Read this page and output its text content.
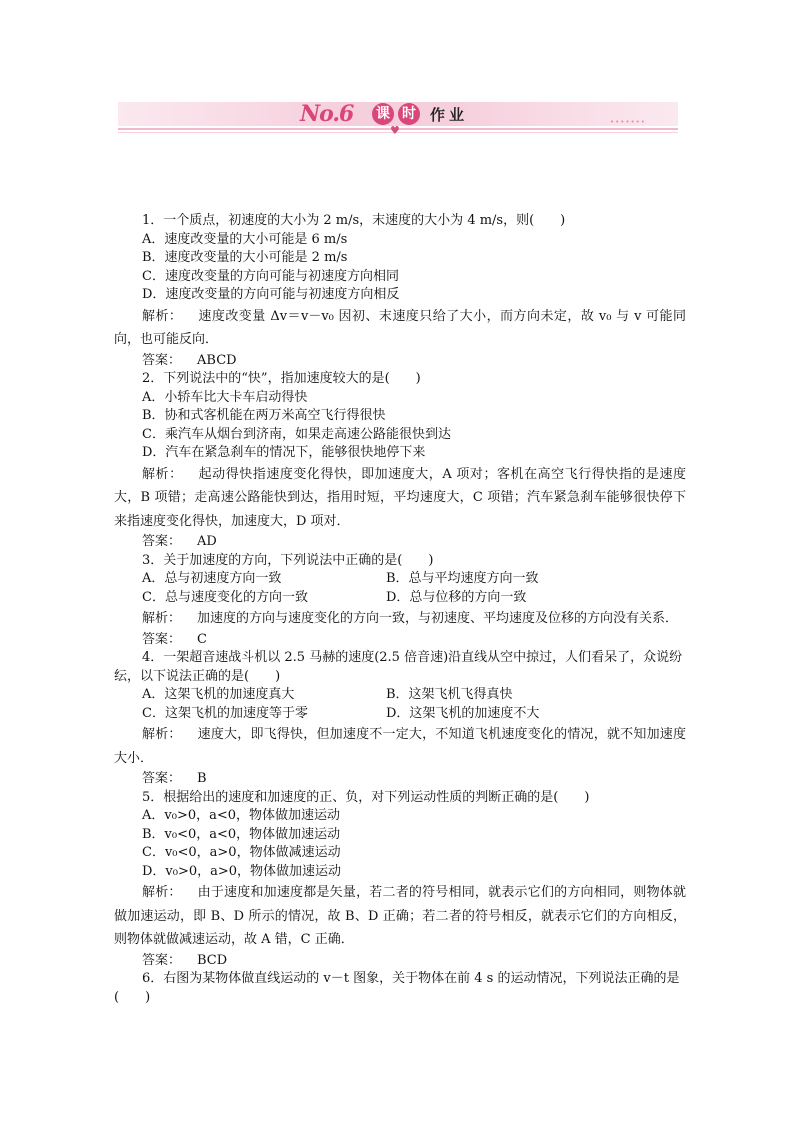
No.6 课 时 作业
♥
•••••••

1．一个质点，初速度的大小为 2 m/s，末速度的大小为 4 m/s，则(　　)

A．速度改变量的大小可能是 6 m/s

B．速度改变量的大小可能是 2 m/s

C．速度改变量的方向可能与初速度方向相同

D．速度改变量的方向可能与初速度方向相反

解析： 速度改变量 Δv＝v－v₀ 因初、末速度只给了大小，而方向未定，故 v₀ 与 v 可能同向，也可能反向．

答案： ABCD

2．下列说法中的“快”，指加速度较大的是(　　)

A．小轿车比大卡车启动得快

B．协和式客机能在两万米高空飞行得很快

C．乘汽车从烟台到济南，如果走高速公路能很快到达

D．汽车在紧急刹车的情况下，能够很快地停下来

解析： 起动得快指速度变化得快，即加速度大，A 项对；客机在高空飞行得快指的是速度大，B 项错；走高速公路能快到达，指用时短，平均速度大，C 项错；汽车紧急刹车能够很快停下来指速度变化得快，加速度大，D 项对．

答案： AD

3．关于加速度的方向，下列说法中正确的是(　　)

A．总与初速度方向一致	B．总与平均速度方向一致
C．总与速度变化的方向一致	D．总与位移的方向一致

解析： 加速度的方向与速度变化的方向一致，与初速度、平均速度及位移的方向没有关系．

答案： C

4．一架超音速战斗机以 2.5 马赫的速度(2.5 倍音速)沿直线从空中掠过，人们看呆了，众说纷纭，以下说法正确的是(　　)

A．这架飞机的加速度真大	B．这架飞机飞得真快
C．这架飞机的加速度等于零	D．这架飞机的加速度不大

解析： 速度大，即飞得快，但加速度不一定大，不知道飞机速度变化的情况，就不知加速度大小．

答案： B

5．根据给出的速度和加速度的正、负，对下列运动性质的判断正确的是(　　)

A．v₀>0，a<0，物体做加速运动

B．v₀<0，a<0，物体做加速运动

C．v₀<0，a>0，物体做减速运动

D．v₀>0，a>0，物体做加速运动

解析： 由于速度和加速度都是矢量，若二者的符号相同，就表示它们的方向相同，则物体就做加速运动，即 B、D 所示的情况，故 B、D 正确；若二者的符号相反，就表示它们的方向相反，则物体就做减速运动，故 A 错，C 正确．

答案： BCD

6．右图为某物体做直线运动的 v－t 图象，关于物体在前 4 s 的运动情况，下列说法正确的是(　　)
